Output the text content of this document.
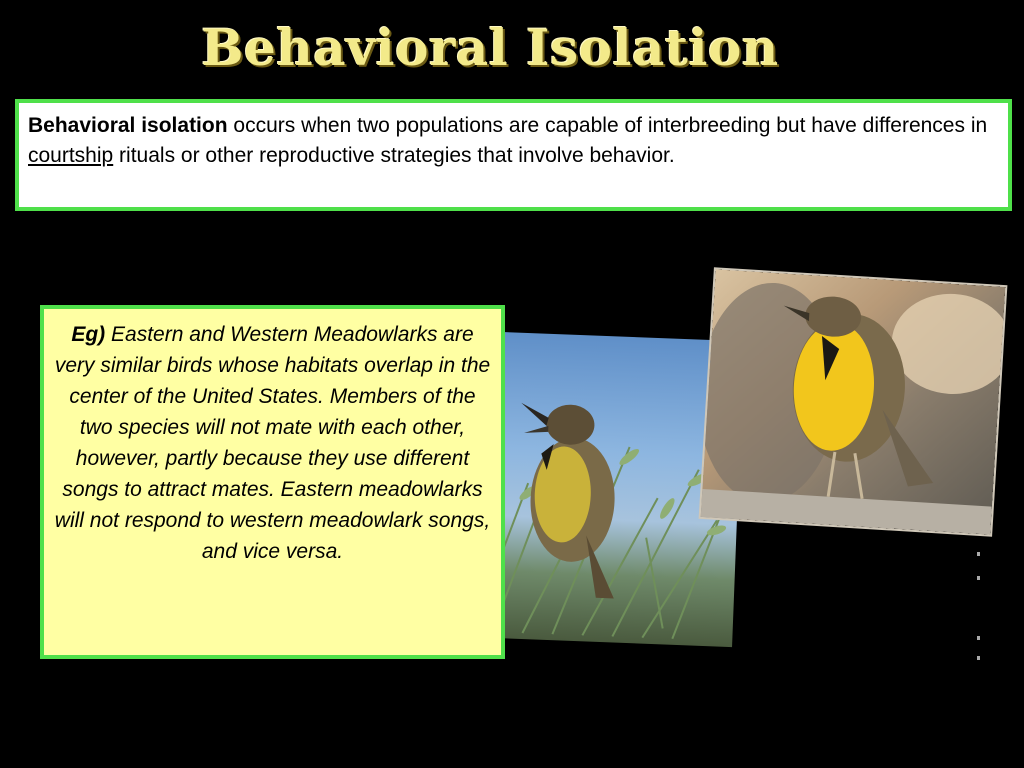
Behavioral Isolation
Behavioral isolation occurs when two populations are capable of interbreeding but have differences in courtship rituals or other reproductive strategies that involve behavior.
Eg) Eastern and Western Meadowlarks are very similar birds whose habitats overlap in the center of the United States. Members of the two species will not mate with each other, however, partly because they use different songs to attract mates. Eastern meadowlarks will not respond to western meadowlark songs, and vice versa.
